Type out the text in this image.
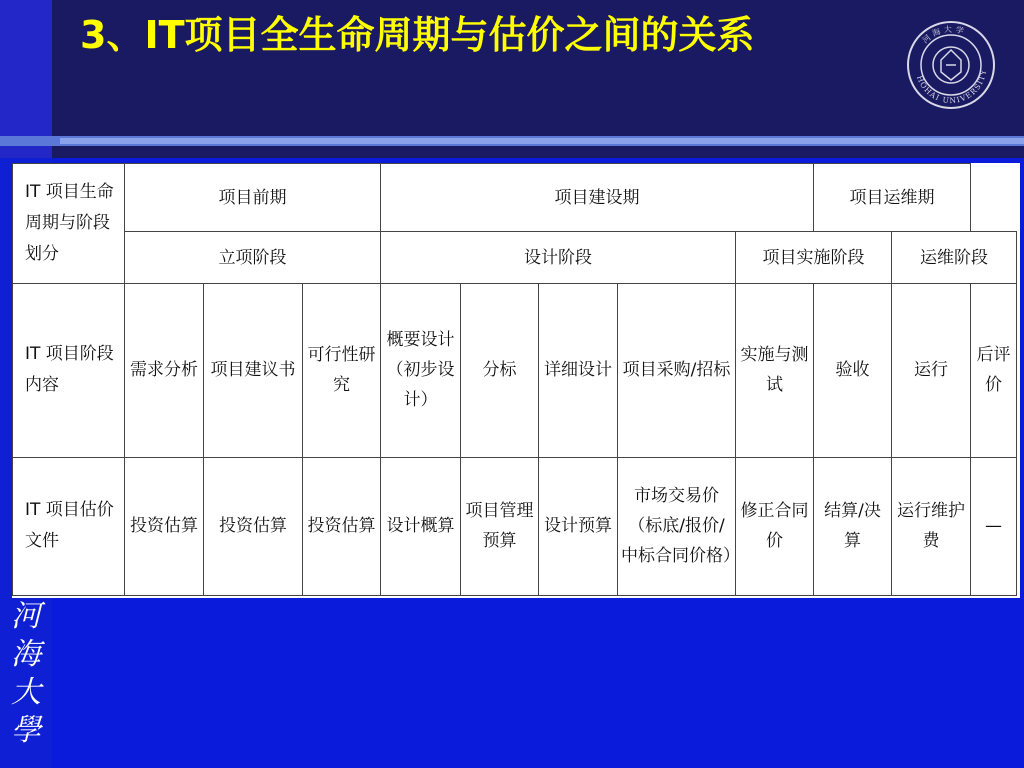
3、IT项目全生命周期与估价之间的关系	河海大学
HOHAI UNIVERSITY
河
海
大
學
IT 项目生命周期与阶段划分	项目前期			项目建设期					项目运维期		
	立项阶段			设计阶段				项目实施阶段		运维阶段	
IT 项目阶段内容	需求分析	项目建议书	可行性研究	概要设计（初步设计）	分标	详细设计	项目采购/招标	实施与测试	验收	运行	后评价
IT 项目估价文件	投资估算	投资估算	投资估算	设计概算	项目管理预算	设计预算	市场交易价（标底/报价/中标合同价格）	修正合同价	结算/决算	运行维护费	—
